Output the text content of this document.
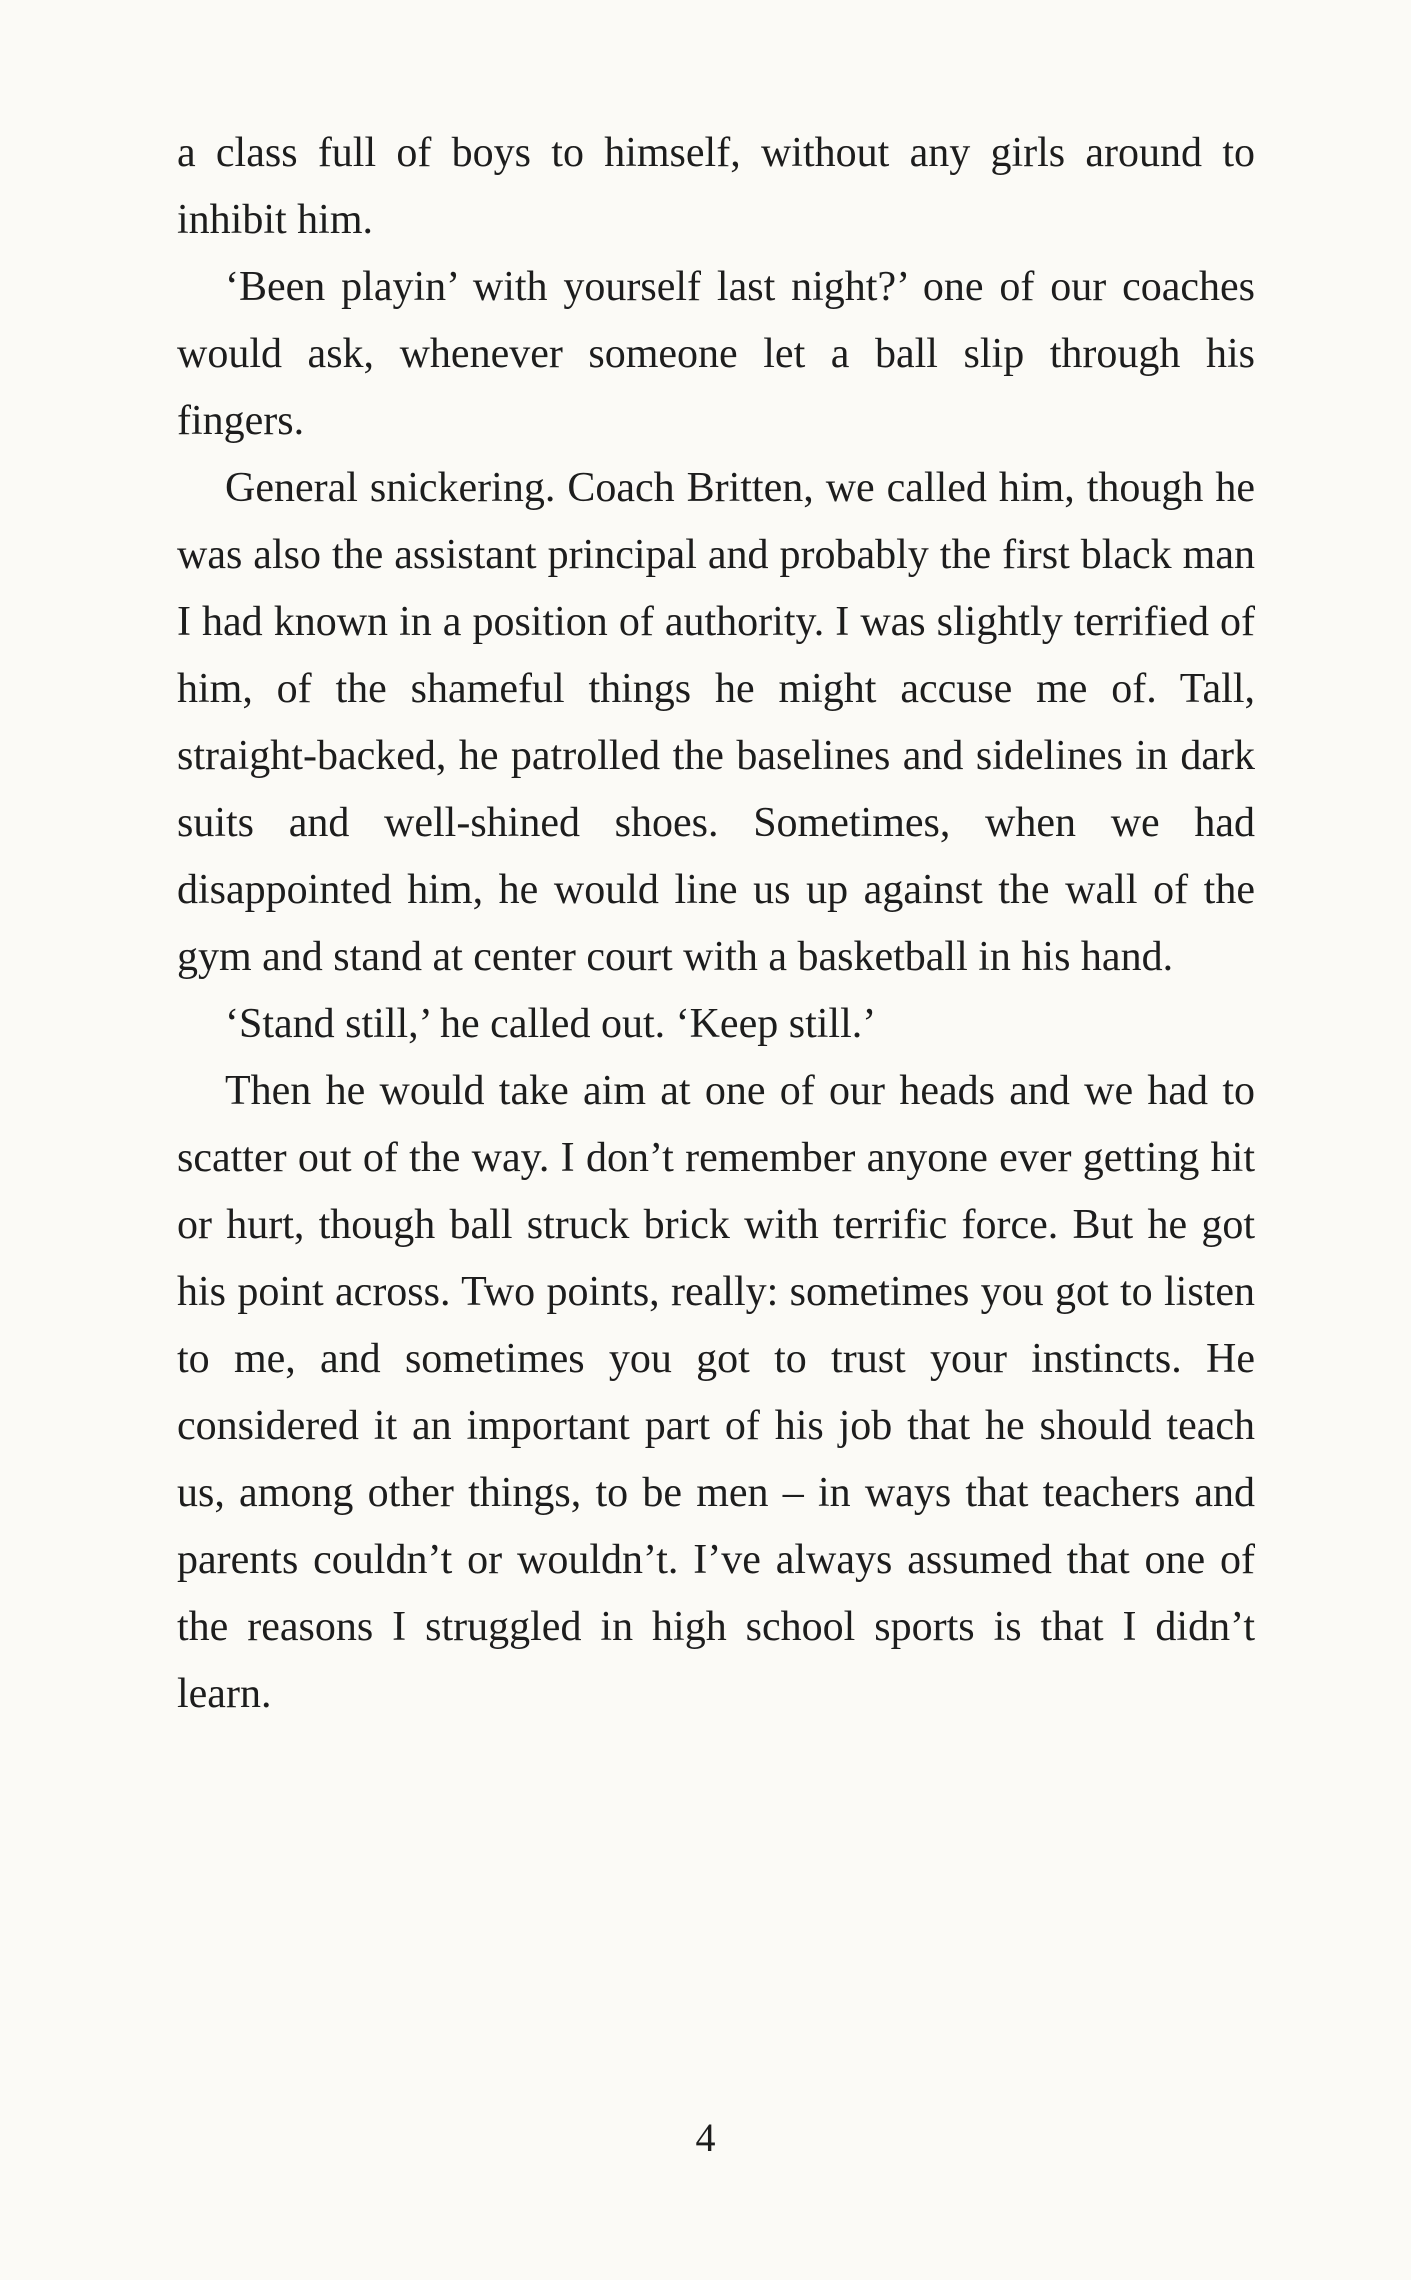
a class full of boys to himself, without any girls around to inhibit him.

‘Been playin’ with yourself last night?’ one of our coaches would ask, whenever someone let a ball slip through his fingers.

General snickering. Coach Britten, we called him, though he was also the assistant principal and probably the first black man I had known in a position of authority. I was slightly terrified of him, of the shameful things he might accuse me of. Tall, straight-backed, he patrolled the baselines and sidelines in dark suits and well-shined shoes. Sometimes, when we had disappointed him, he would line us up against the wall of the gym and stand at center court with a basketball in his hand.

‘Stand still,’ he called out. ‘Keep still.’

Then he would take aim at one of our heads and we had to scatter out of the way. I don’t remember anyone ever getting hit or hurt, though ball struck brick with terrific force. But he got his point across. Two points, really: sometimes you got to listen to me, and sometimes you got to trust your instincts. He considered it an important part of his job that he should teach us, among other things, to be men – in ways that teachers and parents couldn’t or wouldn’t. I’ve always assumed that one of the reasons I struggled in high school sports is that I didn’t learn.

4
